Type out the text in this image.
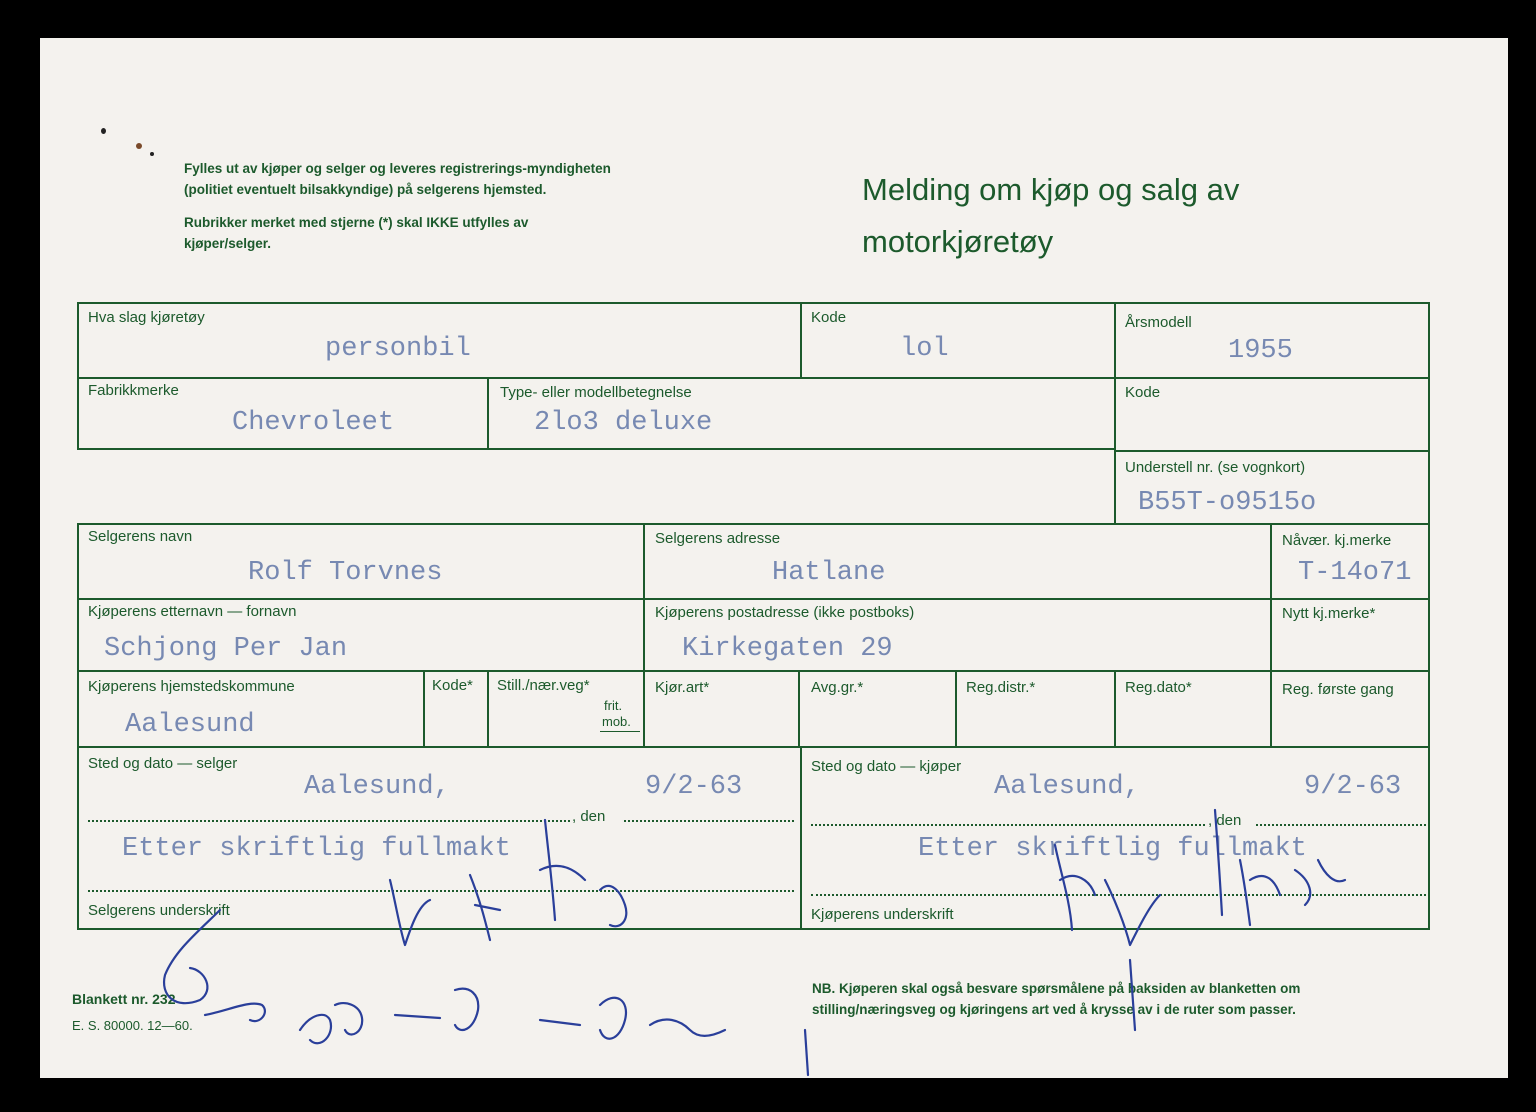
Fylles ut av kjøper og selger og leveres registrerings-myndigheten (politiet eventuelt bilsakkyndige) på selgerens hjemsted.

Rubrikker merket med stjerne (*) skal IKKE utfylles av kjøper/selger.

Melding om kjøp og salg av
motorkjøretøy
Hva slag kjøretøy
personbil
Kode
lol
Årsmodell
1955
Fabrikkmerke
Chevroleet
Type- eller modellbetegnelse
2lo3 deluxe
Kode
Understell nr. (se vognkort)
B55T-o9515o
Selgerens navn
Rolf Torvnes
Selgerens adresse
Hatlane
Nåvær. kj.merke
T-14o71
Kjøperens etternavn — fornavn
Schjong Per Jan
Kjøperens postadresse (ikke postboks)
Kirkegaten 29
Nytt kj.merke*
Kjøperens hjemstedskommune
Aalesund
Kode* Still./nær.veg*
frit.
mob.
Kjør.art*	Avg.gr.*	Reg.distr.*	Reg.dato*	Reg. første gang
Sted og dato — selger
Aalesund,	9/2-63
, den
Etter skriftlig fullmakt
Selgerens underskrift
Sted og dato — kjøper
Aalesund,	9/2-63
, den
Etter skriftlig fullmakt
Kjøperens underskrift
Blankett nr. 232
E. S. 80000. 12—60.
NB. Kjøperen skal også besvare spørsmålene på baksiden av blanketten om stilling/næringsveg og kjøringens art ved å krysse av i de ruter som passer.
